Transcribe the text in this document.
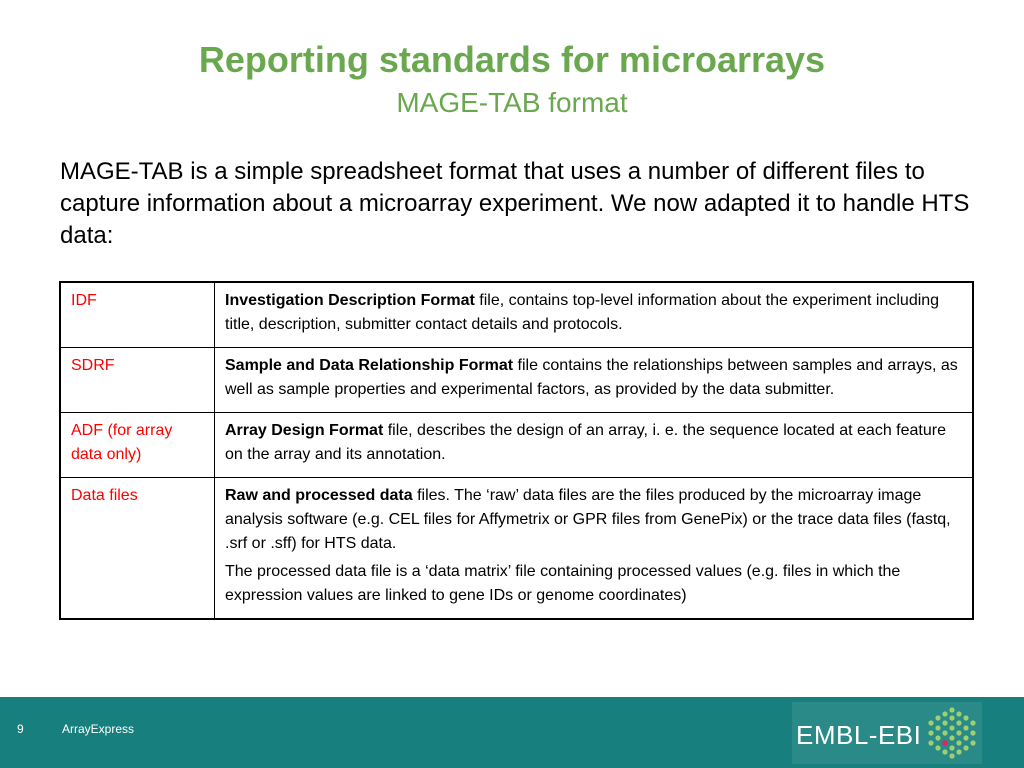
Reporting standards for microarrays
MAGE-TAB format
MAGE-TAB is a simple spreadsheet format that uses a number of different files to capture information about a microarray experiment. We now adapted it to handle HTS data:
IDF	Investigation Description Format file, contains top-level information about the experiment including title, description, submitter contact details and protocols.

SDRF	Sample and Data Relationship Format file contains the relationships between samples and arrays, as well as sample properties and experimental factors, as provided by the data submitter.

ADF (for array data only)	Array Design Format file, describes the design of an array, i. e. the sequence located at each feature on the array and its annotation.

Data files	Raw and processed data files. The ‘raw’ data files are the files produced by the microarray image analysis software (e.g. CEL files for Affymetrix or GPR files from GenePix) or the trace data files (fastq, .srf or .sff) for HTS data.

The processed data file is a ‘data matrix’ file containing processed values (e.g. files in which the expression values are linked to gene IDs or genome coordinates)

9	ArrayExpress	EMBL-EBI
